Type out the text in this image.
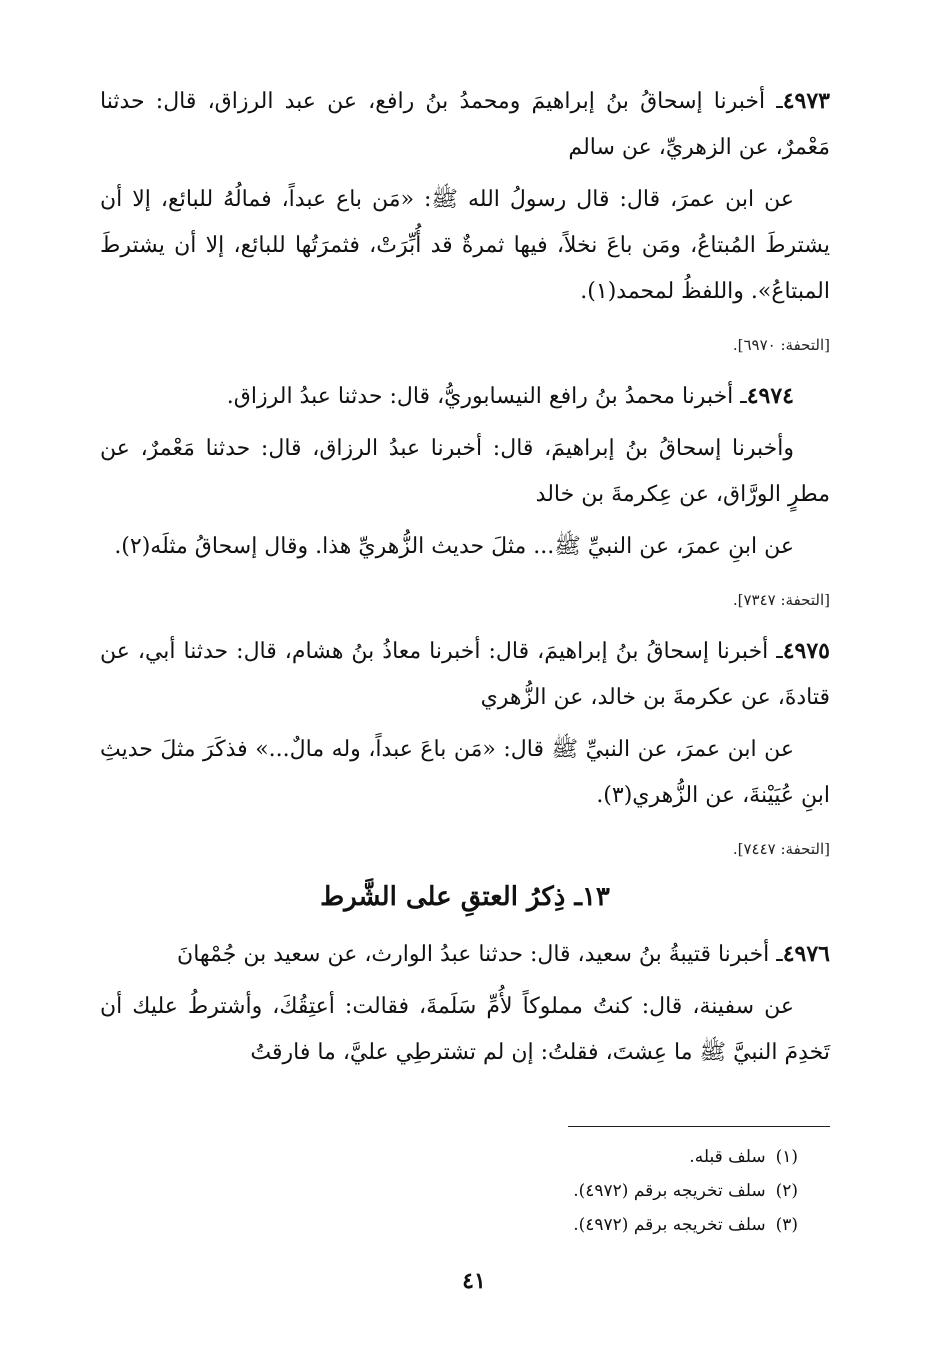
٤٩٧٣ـ أخبرنا إسحاقُ بنُ إبراهيمَ ومحمدُ بنُ رافع، عن عبد الرزاق، قال: حدثنا مَعْمرٌ، عن الزهريِّ، عن سالم

عن ابن عمرَ، قال: قال رسولُ الله ﷺ: «مَن باع عبداً، فمالُهُ للبائع، إلا أن يشترطَ المُبتاعُ، ومَن باعَ نخلاً، فيها ثمرةٌ قد أُبِّرَتْ، فثمرَتُها للبائع، إلا أن يشترطَ المبتاعُ». واللفظُ لمحمد(١).

[التحفة: ٦٩٧٠].

٤٩٧٤ـ أخبرنا محمدُ بنُ رافع النيسابوريُّ، قال: حدثنا عبدُ الرزاق.

وأخبرنا إسحاقُ بنُ إبراهيمَ، قال: أخبرنا عبدُ الرزاق، قال: حدثنا مَعْمرٌ، عن مطرٍ الورَّاق، عن عِكرمةَ بن خالد

عن ابنِ عمرَ، عن النبيِّ ﷺ... مثلَ حديث الزُّهريِّ هذا. وقال إسحاقُ مثلَه(٢).

[التحفة: ٧٣٤٧].

٤٩٧٥ـ أخبرنا إسحاقُ بنُ إبراهيمَ، قال: أخبرنا معاذُ بنُ هشام، قال: حدثنا أبي، عن قتادةَ، عن عكرمةَ بن خالد، عن الزُّهري

عن ابن عمرَ، عن النبيِّ ﷺ قال: «مَن باعَ عبداً، وله مالٌ...» فذكَرَ مثلَ حديثِ ابنِ عُيَيْنةَ، عن الزُّهري(٣).

[التحفة: ٧٤٤٧].
١٣ـ ذِكرُ العتقِ على الشَّرط

٤٩٧٦ـ أخبرنا قتيبةُ بنُ سعيد، قال: حدثنا عبدُ الوارث، عن سعيد بن جُمْهانَ

عن سفينة، قال: كنتُ مملوكاً لأُمِّ سَلَمةَ، فقالت: أعتِقُكَ، وأشترطُ عليك أن تَخدِمَ النبيَّ ﷺ ما عِشتَ، فقلتُ: إن لم تشترطِي عليَّ، ما فارقتُ

(١)سلف قبله.

(٢)سلف تخريجه برقم (٤٩٧٢).

(٣)سلف تخريجه برقم (٤٩٧٢).

٤١
